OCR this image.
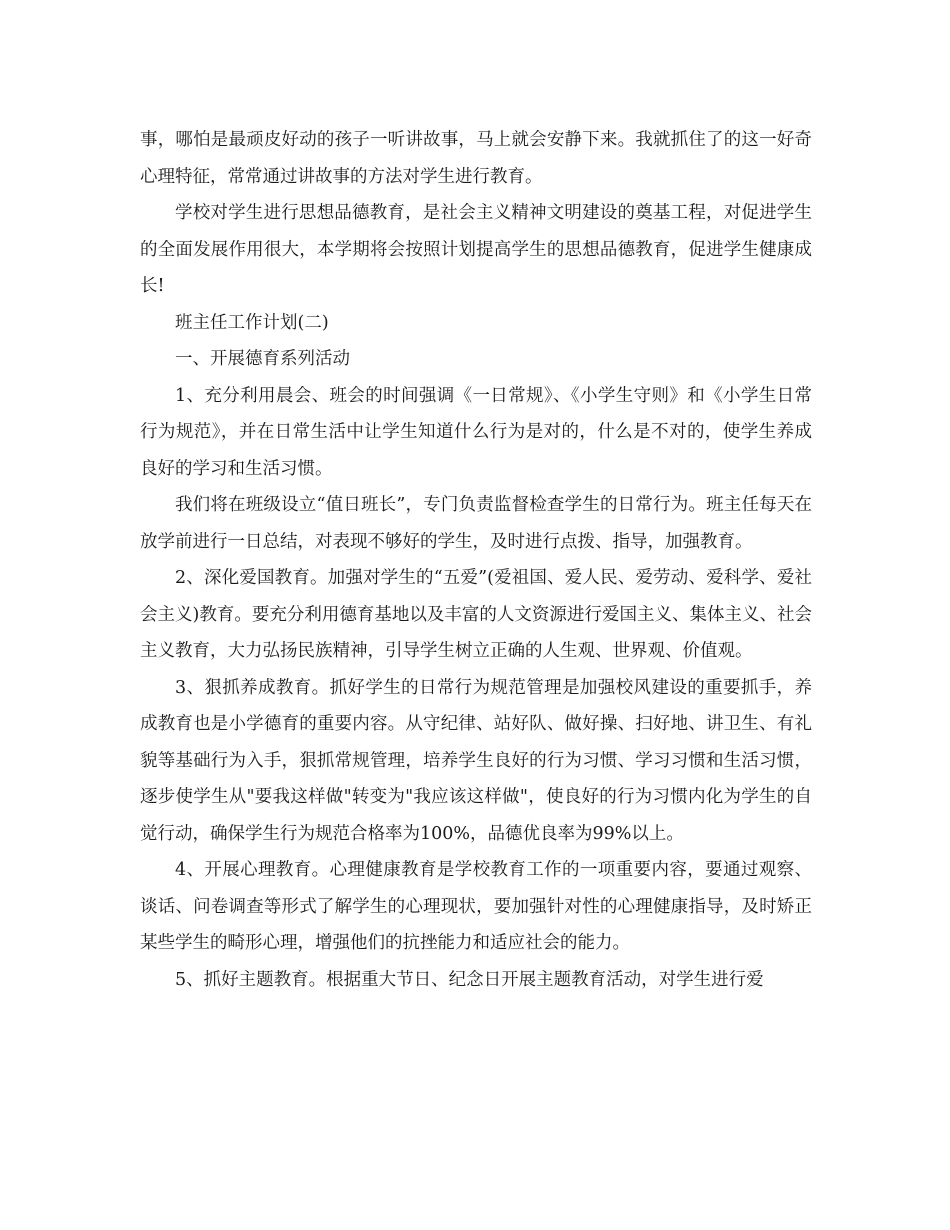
事，哪怕是最顽皮好动的孩子一听讲故事，马上就会安静下来。我就抓住了的这一好奇心理特征，常常通过讲故事的方法对学生进行教育。

学校对学生进行思想品德教育，是社会主义精神文明建设的奠基工程，对促进学生的全面发展作用很大，本学期将会按照计划提高学生的思想品德教育，促进学生健康成长!

班主任工作计划(二)

一、开展德育系列活动

1、充分利用晨会、班会的时间强调《一日常规》、《小学生守则》和《小学生日常行为规范》，并在日常生活中让学生知道什么行为是对的，什么是不对的，使学生养成良好的学习和生活习惯。

我们将在班级设立“值日班长”，专门负责监督检查学生的日常行为。班主任每天在放学前进行一日总结，对表现不够好的学生，及时进行点拨、指导，加强教育。

2、深化爱国教育。加强对学生的“五爱”(爱祖国、爱人民、爱劳动、爱科学、爱社会主义)教育。要充分利用德育基地以及丰富的人文资源进行爱国主义、集体主义、社会主义教育，大力弘扬民族精神，引导学生树立正确的人生观、世界观、价值观。

3、狠抓养成教育。抓好学生的日常行为规范管理是加强校风建设的重要抓手，养成教育也是小学德育的重要内容。从守纪律、站好队、做好操、扫好地、讲卫生、有礼貌等基础行为入手，狠抓常规管理，培养学生良好的行为习惯、学习习惯和生活习惯，逐步使学生从"要我这样做"转变为"我应该这样做"，使良好的行为习惯内化为学生的自觉行动，确保学生行为规范合格率为100%，品德优良率为99%以上。

4、开展心理教育。心理健康教育是学校教育工作的一项重要内容，要通过观察、谈话、问卷调查等形式了解学生的心理现状，要加强针对性的心理健康指导，及时矫正某些学生的畸形心理，增强他们的抗挫能力和适应社会的能力。

5、抓好主题教育。根据重大节日、纪念日开展主题教育活动，对学生进行爱
